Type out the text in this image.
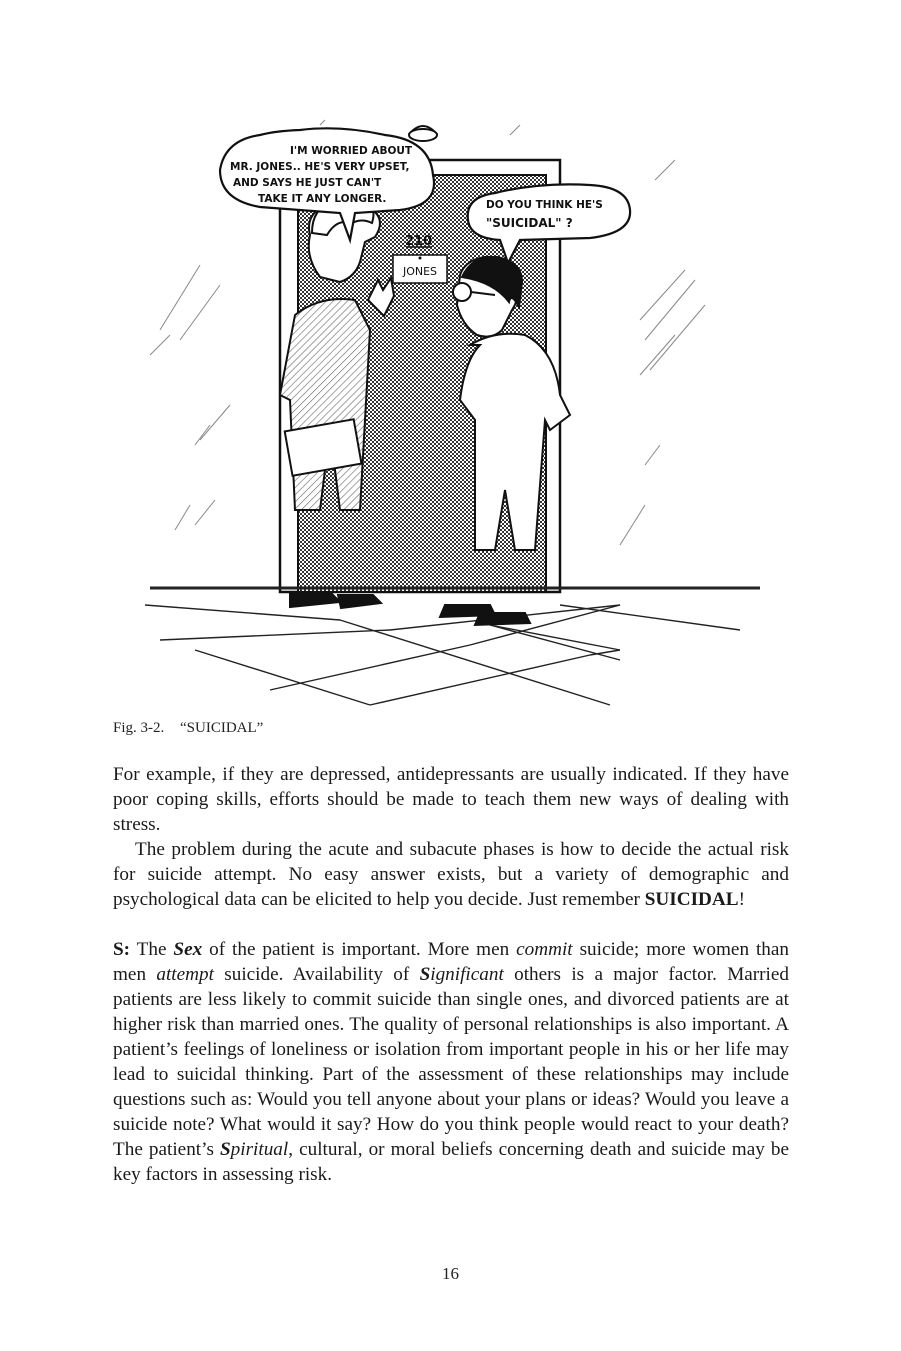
210
JONES
I'M WORRIED ABOUT
MR. JONES.. HE'S VERY UPSET,
AND SAYS HE JUST CAN'T
TAKE IT ANY LONGER.	DO YOU THINK HE'S
"SUICIDAL" ?
Fig. 3-2. “SUICIDAL”

For example, if they are depressed, antidepressants are usually indicated. If they have poor coping skills, efforts should be made to teach them new ways of dealing with stress.

The problem during the acute and subacute phases is how to decide the actual risk for suicide attempt. No easy answer exists, but a variety of demographic and psychological data can be elicited to help you decide. Just remember SUICIDAL!

S: The Sex of the patient is important. More men commit suicide; more women than men attempt suicide. Availability of Significant others is a major factor. Married patients are less likely to commit suicide than single ones, and divorced patients are at higher risk than married ones. The quality of personal relationships is also important. A patient’s feelings of loneliness or isolation from important people in his or her life may lead to suicidal thinking. Part of the assessment of these relationships may include questions such as: Would you tell anyone about your plans or ideas? Would you leave a suicide note? What would it say? How do you think people would react to your death? The patient’s Spiritual, cultural, or moral beliefs concerning death and suicide may be key factors in assessing risk.

16
